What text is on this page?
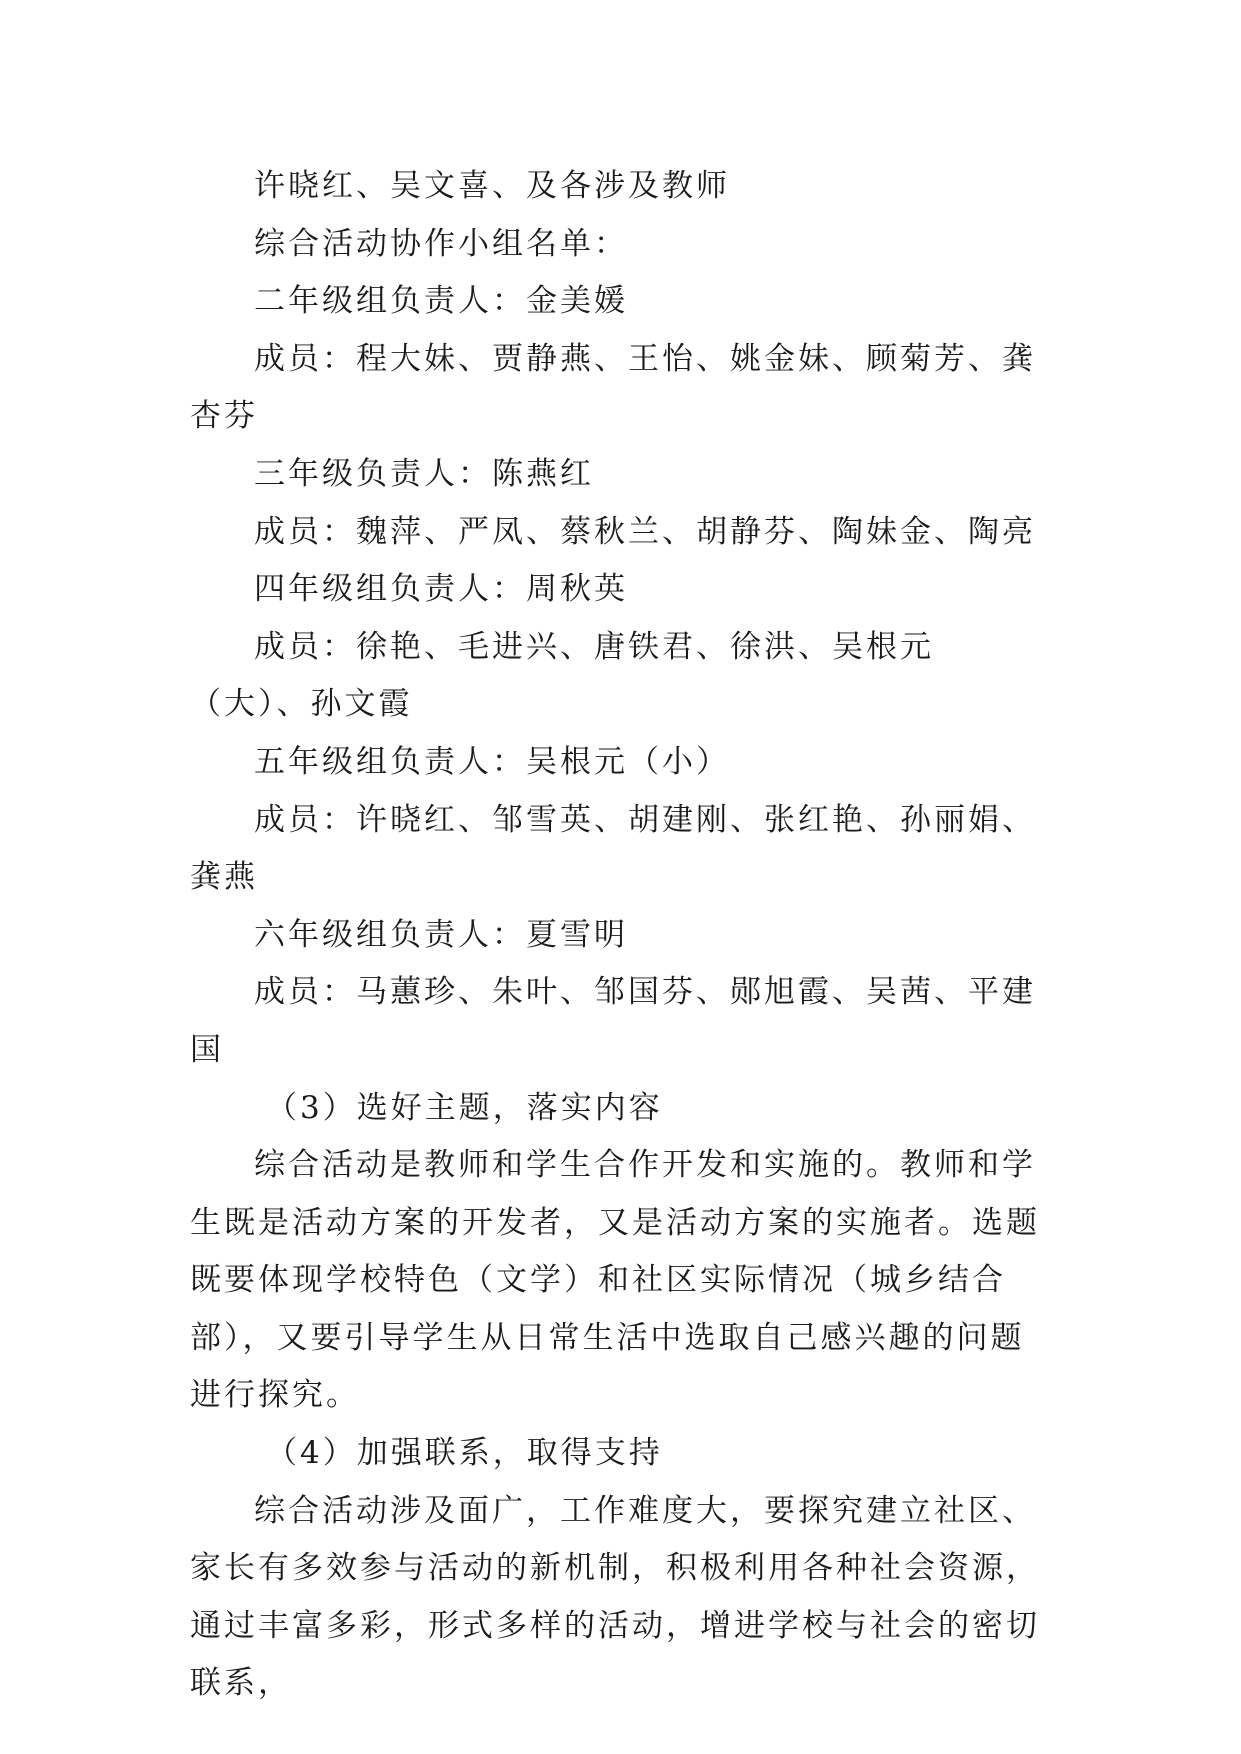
许晓红、吴文喜、及各涉及教师

综合活动协作小组名单：

二年级组负责人：金美媛

成员：程大妹、贾静燕、王怡、姚金妹、顾菊芳、龚杏芬

三年级负责人：陈燕红

成员：魏萍、严凤、蔡秋兰、胡静芬、陶妹金、陶亮

四年级组负责人：周秋英

成员：徐艳、毛进兴、唐铁君、徐洪、吴根元（大）、孙文霞

五年级组负责人：吴根元（小）

成员：许晓红、邹雪英、胡建刚、张红艳、孙丽娟、龚燕

六年级组负责人：夏雪明

成员：马蕙珍、朱叶、邹国芬、郧旭霞、吴茜、平建国

（3）选好主题，落实内容

综合活动是教师和学生合作开发和实施的。教师和学生既是活动方案的开发者，又是活动方案的实施者。选题既要体现学校特色（文学）和社区实际情况（城乡结合部），又要引导学生从日常生活中选取自己感兴趣的问题进行探究。

（4）加强联系，取得支持

综合活动涉及面广，工作难度大，要探究建立社区、家长有多效参与活动的新机制，积极利用各种社会资源，通过丰富多彩，形式多样的活动，增进学校与社会的密切联系，
